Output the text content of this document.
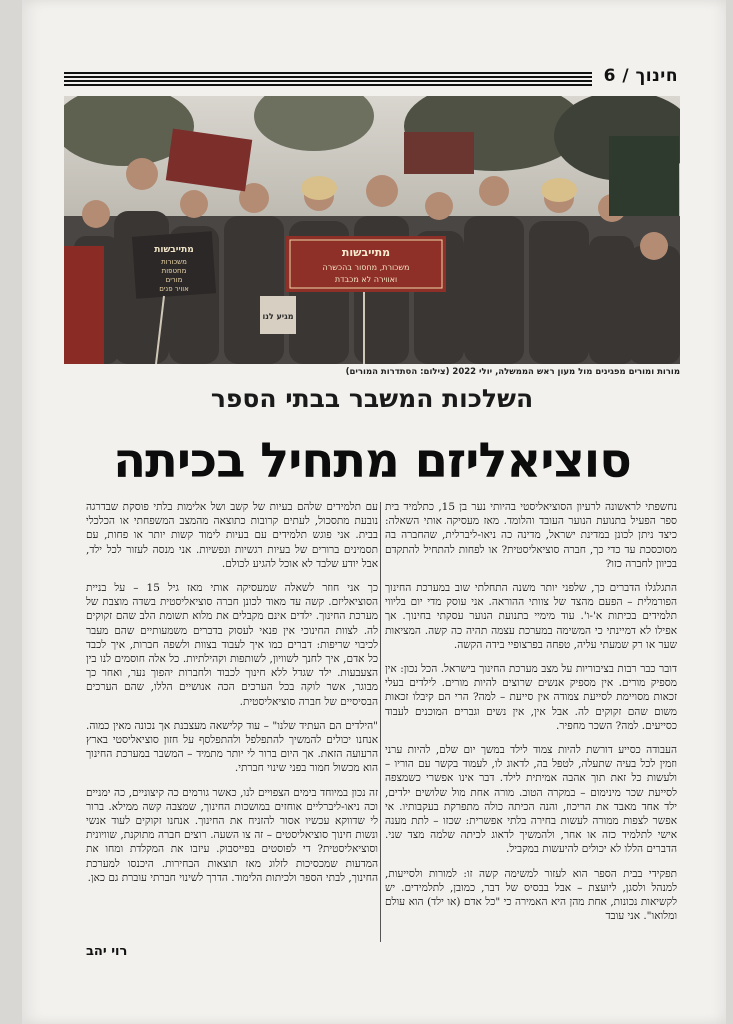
חינוך / 6
מתייבשות
משכורות
מחטפות
מורים
אוויר פנים
מתייבשות
משכורת, מחסור בהכשרה
ואווירה לא מכבדת
מגיע לנו
מורות ומורים מפגינים מול מעון ראש הממשלה, יולי 2022 (צילום: הסתדרות המורים)
השלכות המשבר בבתי הספר
סוציאליזם מתחיל בכיתה

נחשפתי לראשונה לרעיון הסוציאליסטי בהיותי נער בן 15, כתלמיד בית ספר הפעיל בתנועת הנוער העובד והלומד. מאז מעסיקה אותי השאלה: כיצד ניתן לכונן במדינת ישראל, מדינה כה ניאו-ליברלית, שהחברה בה מסוכסכת עד כדי כך, חברה סוציאליסטית? או לפחות להתחיל להתקדם בכיוון לחברה כזו?

התגלגלו הדברים כך, שלפני יותר משנה התחלתי שוב במערכת החינוך הפורמלית – הפעם מהצד של צוותי ההוראה. אני עוסק מדי יום בליווי תלמידים בכיתות א'-ו'. עוד מימיי בתנועת הנוער עסקתי בחינוך. אך אפילו לא דמיינתי כי המשימה במערכת עצמה תהיה כה קשה. המציאות שער או רק שמעתי עליה, טפחה בפרצופיי בידה הקשה.

דובר כבר רבות בציבוריות על מצב מערכת החינוך בישראל. הכל נכון: אין מספיק מורים. אין מספיק אנשים שרוצים להיות מורים. לילדים בעלי זכאות מסויימת לסייעת צמודה אין סייעת – למה? הרי הם קיבלו זכאות משום שהם זקוקים לה. אבל אין, אין נשים וגברים המוכנים לעבוד כסייעים. למה? השכר מחפיר.

העבודה כסייע דורשת להיות צמוד לילד במשך יום שלם, להיות ערני וזמין לכל בעיה שתעלה, לטפל בה, לדאוג לו, לעמוד בקשר עם הוריו – ולעשות כל זאת תוך אהבה אמיתית לילד. דבר אינו אפשרי כשמצפה לסייעת שכר מינימום – במקרה הטוב. מורה אחת מול שלושים ילדים, ילד אחד מאבד את הריכוז, והנה הכיתה כולה מתפרקת בעקבותיו. אי אפשר לצפות ממורה לעשות בחירה בלתי אפשרית: שכזו – לתת מענה אישי לתלמיד כזה או אחר, ולהמשיך לדאוג לכיתה שלמה מצד שני. הדברים הללו לא יכולים להיעשות במקביל.

תפקידי בבית הספר הוא לעזור למשימה קשה זו: למורות ולסייעות, למנהל ולסגן, ליועצת – אבל בבסיס של דבר, כמובן, לתלמידים. יש לקשיאות נכונות, אחת מהן היא האמירה כי "כל אדם (או ילד) הוא עולם ומלואו". אני עובד

עם תלמידים שלהם בעיות של קשב ושל אלימות בלתי פוסקת שבדרגה נובעת מתסכול, לעתים קרובות כתוצאה מהמצב המשפחתי או הכלכלי בבית. אני פוגש תלמידים עם בעיות לימוד קשות יותר או פחות, עם תסמינים ברורים של בעיות רגשיות ונפשיות. אני מנסה לעזור לכל ילד, אבל יודע שלבד לא אוכל להגיע לכולם.

כך אני חוזר לשאלה שמעסיקה אותי מאז גיל 15 – על בניית הסוציאליזם. קשה עד מאוד לכונן חברה סוציאליסטית בשדה מוצבת של מערכת החינוך. ילדים אינם מקבלים את מלוא תשומת הלב שהם זקוקים לה. לצוות החינוכי אין פנאי לעסוק בדברים משמעותיים שהם מעבר לכיבוי שריפות: דברים כמו איך לעבוד בצוות ולשפה חברות, איך לכבד כל אדם, איך לחנך לשוויון, לשותפות וקהילתיות. כל אלה חוסמים לנו בין הצעבעות. ילד שגדל ללא חינוך לכבוד ולחברות יהפוך נער, ואחר כך מבוגר, אשר לוקה בכל הערכים הכה אנושיים הללו, שהם הערכים הבסיסיים של חברה סוציאליסטית.

"הילדים הם העתיד שלנו" – עוד קלישאה מעצבנת אך נכונה מאין כמוה. אנחנו יכולים להמשיך להתפלפל ולהתפלסף על חזון סוציאליסטי בארץ הרעועה הזאת. אך היום ברור לי יותר מתמיד – המשבר במערכת החינוך הוא מכשול חמור בפני שינוי חברתי.

זה נכון במיוחד בימים הצפויים לנו, כאשר גורמים כה קיצוניים, כה ימניים וכה ניאו-ליברליים אוחזים במושכות החינוך, שמצבה קשה ממילא. ברור לי שדווקא עכשיו אסור להזניח את החינוך. אנחנו זקוקים לעוד אנשי ונשות חינוך סוציאליסטים – זה צו השעה. רוצים חברה מתוקנת, שוויונית וסוציאליסטית? די לפוסטים בפייסבוק. עיזבו את המקלדת ומחו את המדעות שמכסיכות לזלוג מאז תוצאות הבחירות. היכנסו למערכת החינוך, לבתי הספר ולכיתות הלימוד. הדרך לשינוי חברתי עוברת גם כאן.

רוי יהב
